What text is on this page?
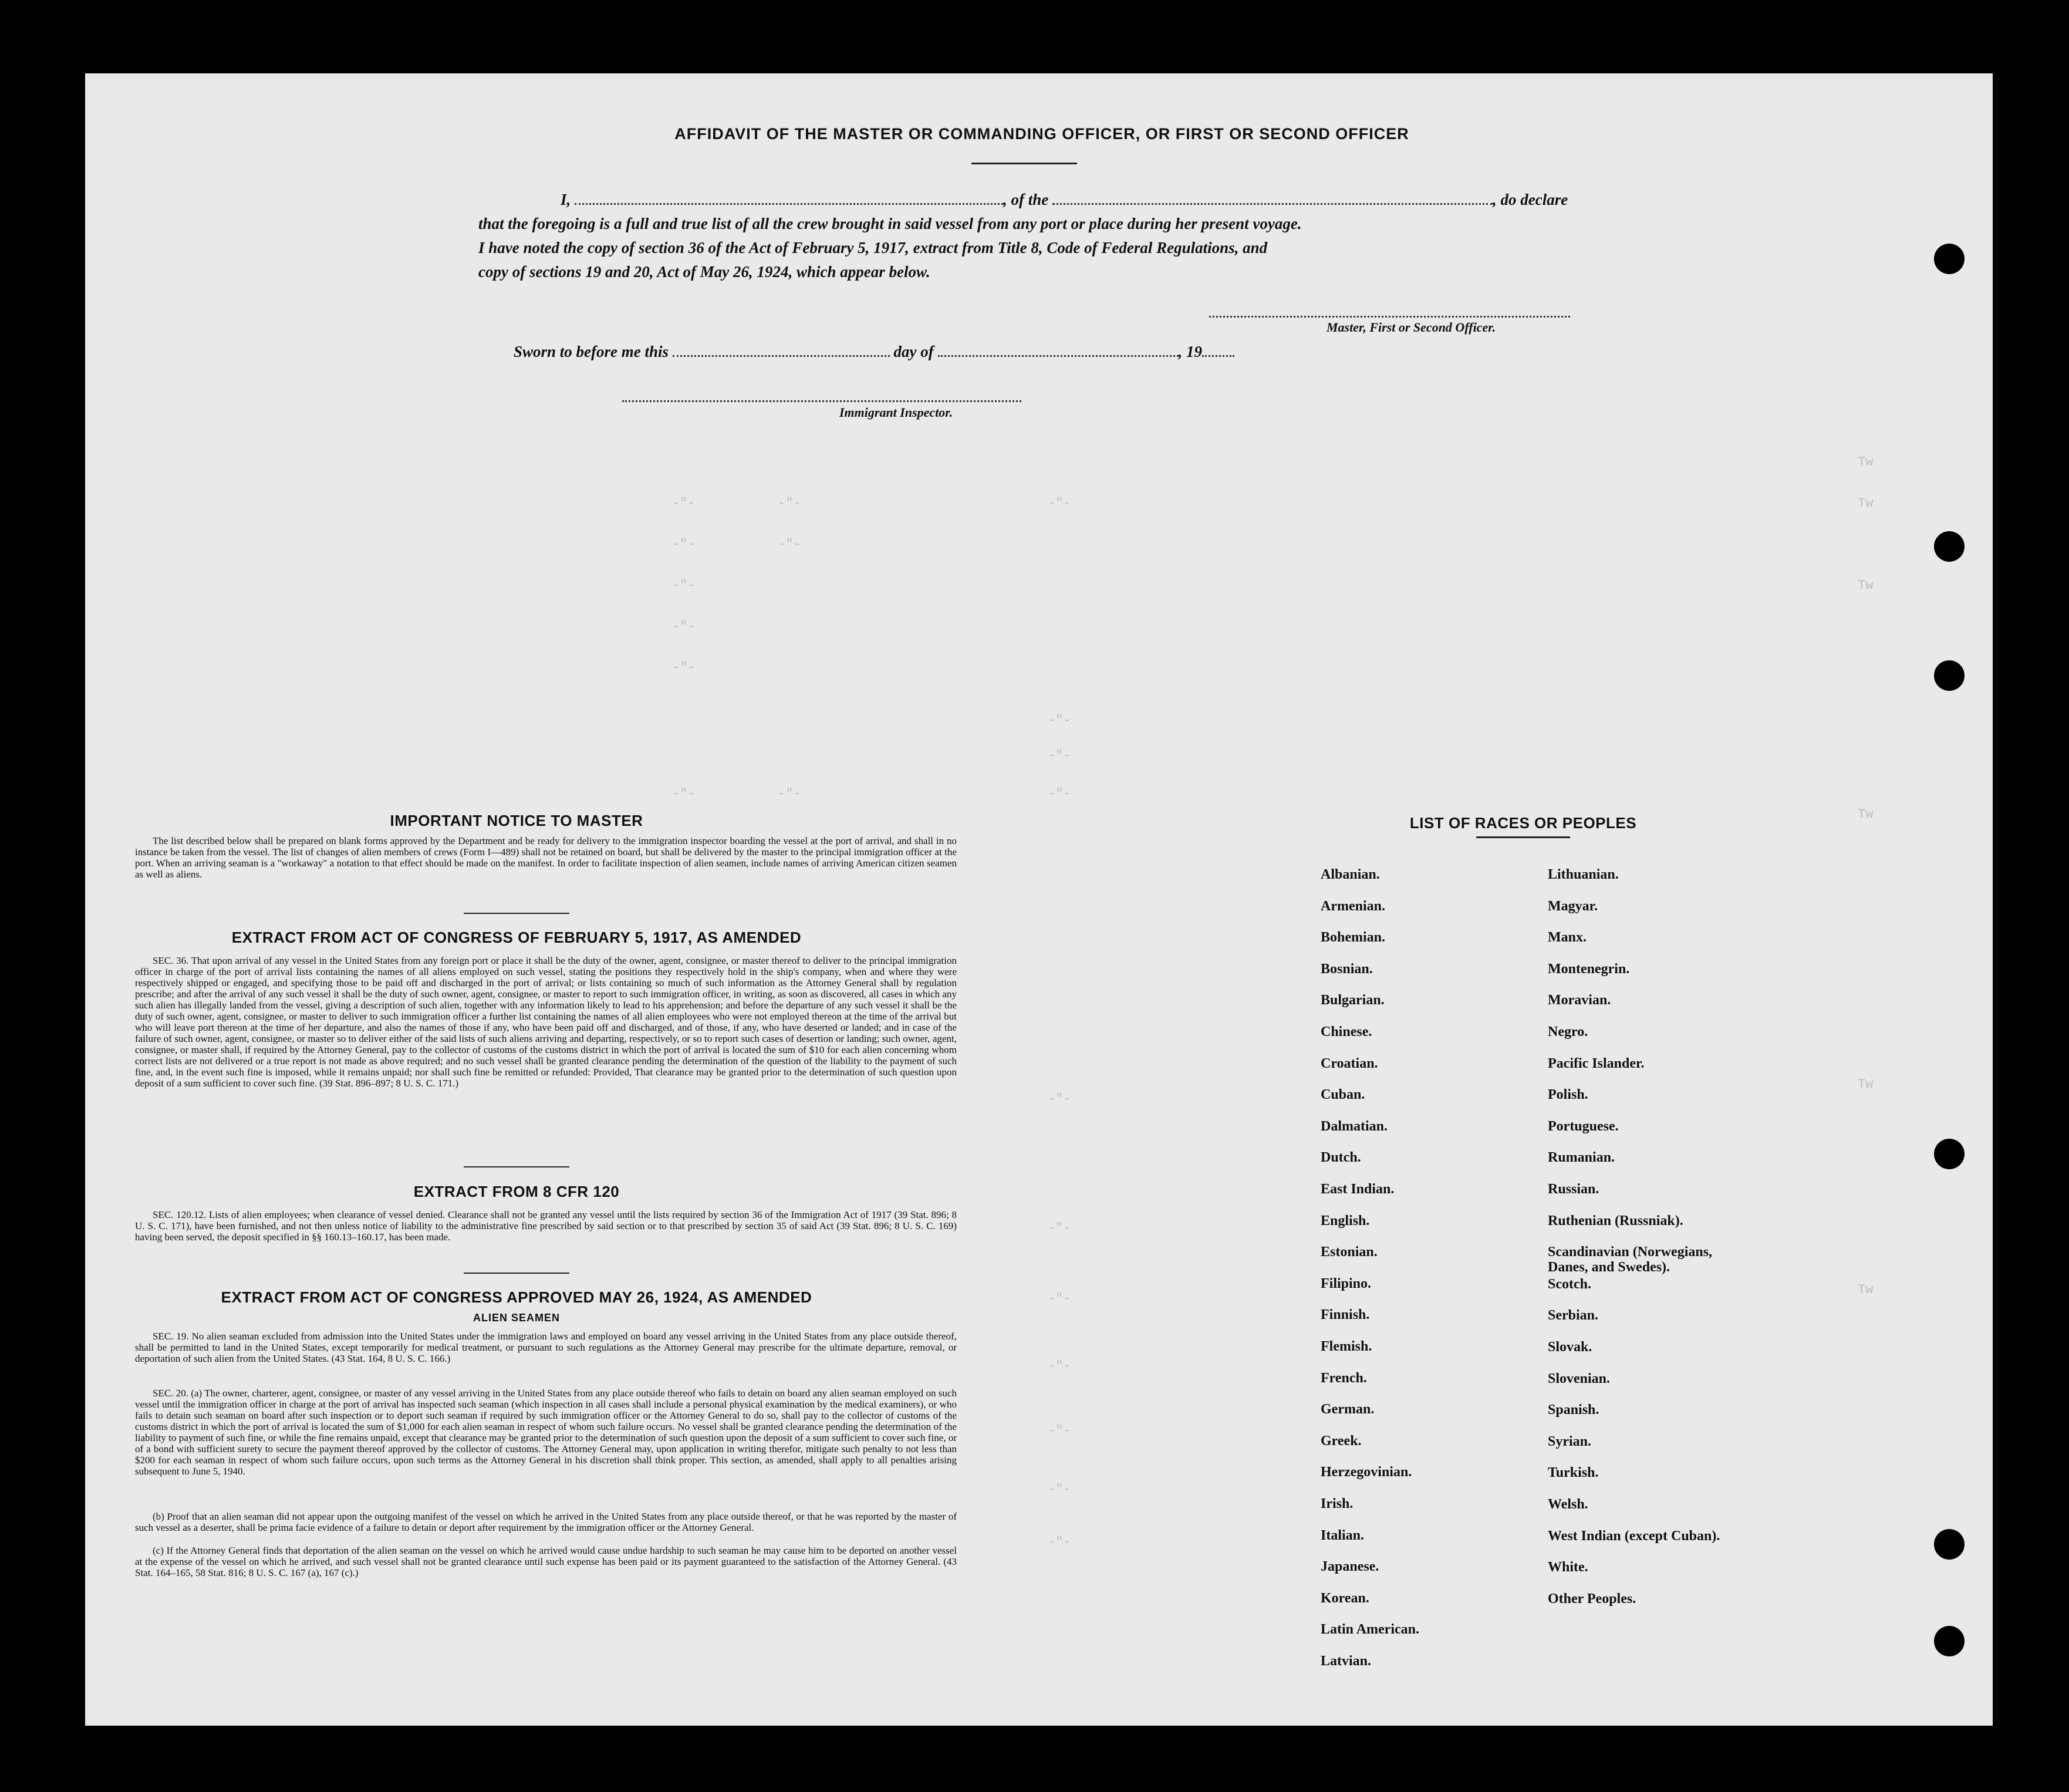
-"-	-"-	-"-
-"-	-"-
-"-
-"-
-"-
-"-	-"-
-"-
-"-
-"-
-"-
-"-
-"-
-"-
-"-
-"-
-"-
Tw
Tw
Tw
Tw
Tw
Tw
AFFIDAVIT OF THE MASTER OR COMMANDING OFFICER, OR FIRST OR SECOND OFFICER
I,	, of the	, do declare
that the foregoing is a full and true list of all the crew brought in said vessel from any port or place during her present voyage.
I have noted the copy of section 36 of the Act of February 5, 1917, extract from Title 8, Code of Federal Regulations, and
copy of sections 19 and 20, Act of May 26, 1924, which appear below.
Master, First or Second Officer.
Sworn to before me this	day of	, 19
Immigrant Inspector.
IMPORTANT NOTICE TO MASTER
The list described below shall be prepared on blank forms approved by the Department and be ready for delivery to the immigration inspector boarding the vessel at the port of arrival, and shall in no instance be taken from the vessel. The list of changes of alien members of crews (Form I—489) shall not be retained on board, but shall be delivered by the master to the principal immigration officer at the port. When an arriving seaman is a "workaway" a notation to that effect should be made on the manifest. In order to facilitate inspection of alien seamen, include names of arriving American citizen seamen as well as aliens.
EXTRACT FROM ACT OF CONGRESS OF FEBRUARY 5, 1917, AS AMENDED
SEC. 36. That upon arrival of any vessel in the United States from any foreign port or place it shall be the duty of the owner, agent, consignee, or master thereof to deliver to the principal immigration officer in charge of the port of arrival lists containing the names of all aliens employed on such vessel, stating the positions they respectively hold in the ship's company, when and where they were respectively shipped or engaged, and specifying those to be paid off and discharged in the port of arrival; or lists containing so much of such information as the Attorney General shall by regulation prescribe; and after the arrival of any such vessel it shall be the duty of such owner, agent, consignee, or master to report to such immigration officer, in writing, as soon as discovered, all cases in which any such alien has illegally landed from the vessel, giving a description of such alien, together with any information likely to lead to his apprehension; and before the departure of any such vessel it shall be the duty of such owner, agent, consignee, or master to deliver to such immigration officer a further list containing the names of all alien employees who were not employed thereon at the time of the arrival but who will leave port thereon at the time of her departure, and also the names of those if any, who have been paid off and discharged, and of those, if any, who have deserted or landed; and in case of the failure of such owner, agent, consignee, or master so to deliver either of the said lists of such aliens arriving and departing, respectively, or so to report such cases of desertion or landing; such owner, agent, consignee, or master shall, if required by the Attorney General, pay to the collector of customs of the customs district in which the port of arrival is located the sum of $10 for each alien concerning whom correct lists are not delivered or a true report is not made as above required; and no such vessel shall be granted clearance pending the determination of the question of the liability to the payment of such fine, and, in the event such fine is imposed, while it remains unpaid; nor shall such fine be remitted or refunded: Provided, That clearance may be granted prior to the determination of such question upon deposit of a sum sufficient to cover such fine. (39 Stat. 896–897; 8 U. S. C. 171.)
EXTRACT FROM 8 CFR 120
SEC. 120.12. Lists of alien employees; when clearance of vessel denied. Clearance shall not be granted any vessel until the lists required by section 36 of the Immigration Act of 1917 (39 Stat. 896; 8 U. S. C. 171), have been furnished, and not then unless notice of liability to the administrative fine prescribed by said section or to that prescribed by section 35 of said Act (39 Stat. 896; 8 U. S. C. 169) having been served, the deposit specified in §§ 160.13–160.17, has been made.
EXTRACT FROM ACT OF CONGRESS APPROVED MAY 26, 1924, AS AMENDED
ALIEN SEAMEN
SEC. 19. No alien seaman excluded from admission into the United States under the immigration laws and employed on board any vessel arriving in the United States from any place outside thereof, shall be permitted to land in the United States, except temporarily for medical treatment, or pursuant to such regulations as the Attorney General may prescribe for the ultimate departure, removal, or deportation of such alien from the United States. (43 Stat. 164, 8 U. S. C. 166.)
SEC. 20. (a) The owner, charterer, agent, consignee, or master of any vessel arriving in the United States from any place outside thereof who fails to detain on board any alien seaman employed on such vessel until the immigration officer in charge at the port of arrival has inspected such seaman (which inspection in all cases shall include a personal physical examination by the medical examiners), or who fails to detain such seaman on board after such inspection or to deport such seaman if required by such immigration officer or the Attorney General to do so, shall pay to the collector of customs of the customs district in which the port of arrival is located the sum of $1,000 for each alien seaman in respect of whom such failure occurs. No vessel shall be granted clearance pending the determination of the liability to payment of such fine, or while the fine remains unpaid, except that clearance may be granted prior to the determination of such question upon the deposit of a sum sufficient to cover such fine, or of a bond with sufficient surety to secure the payment thereof approved by the collector of customs. The Attorney General may, upon application in writing therefor, mitigate such penalty to not less than $200 for each seaman in respect of whom such failure occurs, upon such terms as the Attorney General in his discretion shall think proper. This section, as amended, shall apply to all penalties arising subsequent to June 5, 1940.
(b) Proof that an alien seaman did not appear upon the outgoing manifest of the vessel on which he arrived in the United States from any place outside thereof, or that he was reported by the master of such vessel as a deserter, shall be prima facie evidence of a failure to detain or deport after requirement by the immigration officer or the Attorney General.
(c) If the Attorney General finds that deportation of the alien seaman on the vessel on which he arrived would cause undue hardship to such seaman he may cause him to be deported on another vessel at the expense of the vessel on which he arrived, and such vessel shall not be granted clearance until such expense has been paid or its payment guaranteed to the satisfaction of the Attorney General. (43 Stat. 164–165, 58 Stat. 816; 8 U. S. C. 167 (a), 167 (c).)
LIST OF RACES OR PEOPLES
Albanian.
Armenian.
Bohemian.
Bosnian.
Bulgarian.
Chinese.
Croatian.
Cuban.
Dalmatian.
Dutch.
East Indian.
English.
Estonian.
Filipino.
Finnish.
Flemish.
French.
German.
Greek.
Herzegovinian.
Irish.
Italian.
Japanese.
Korean.
Latin American.
Latvian.
Lithuanian.
Magyar.
Manx.
Montenegrin.
Moravian.
Negro.
Pacific Islander.
Polish.
Portuguese.
Rumanian.
Russian.
Ruthenian (Russniak).
Scandinavian (Norwegians,
Danes, and Swedes).
Scotch.
Serbian.
Slovak.
Slovenian.
Spanish.
Syrian.
Turkish.
Welsh.
West Indian (except Cuban).
White.
Other Peoples.
